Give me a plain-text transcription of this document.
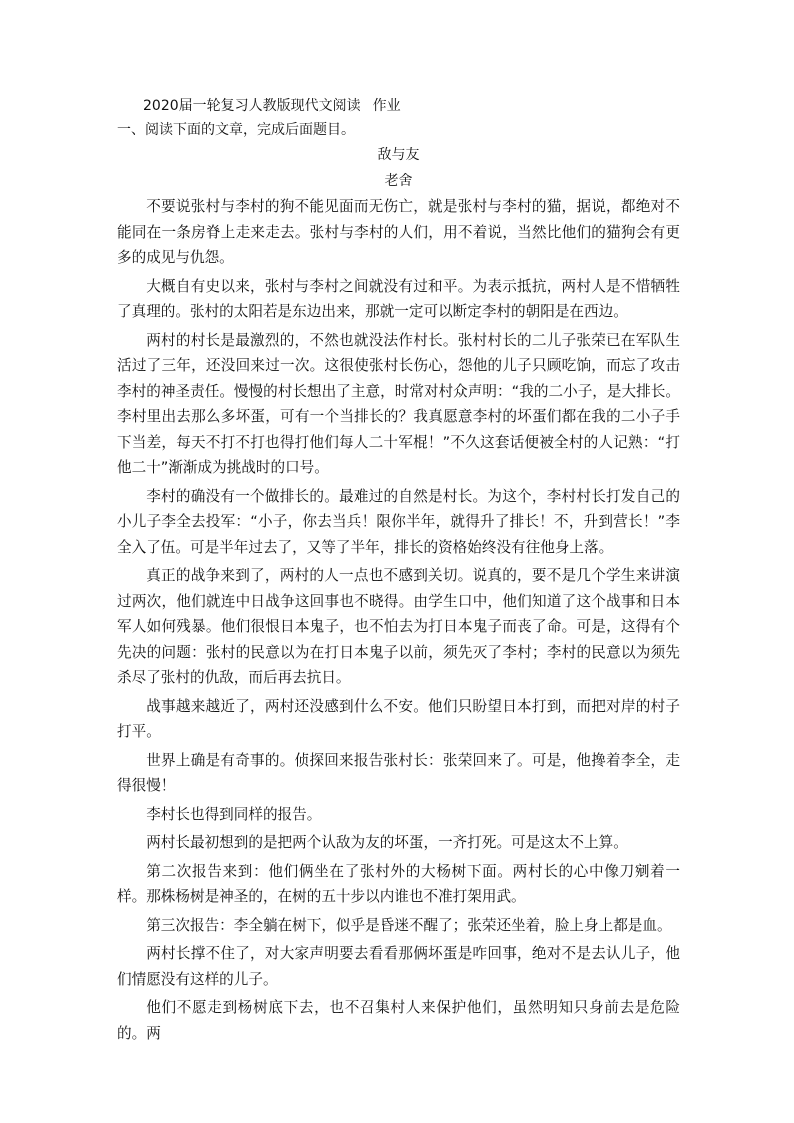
2020届一轮复习人教版现代文阅读 作业
一、阅读下面的文章，完成后面题目。
敌与友
老舍

不要说张村与李村的狗不能见面而无伤亡，就是张村与李村的猫，据说，都绝对不能同在一条房脊上走来走去。张村与李村的人们，用不着说，当然比他们的猫狗会有更多的成见与仇怨。

大概自有史以来，张村与李村之间就没有过和平。为表示抵抗，两村人是不惜牺牲了真理的。张村的太阳若是东边出来，那就一定可以断定李村的朝阳是在西边。

两村的村长是最激烈的，不然也就没法作村长。张村村长的二儿子张荣已在军队生活过了三年，还没回来过一次。这很使张村长伤心，怨他的儿子只顾吃饷，而忘了攻击李村的神圣责任。慢慢的村长想出了主意，时常对村众声明：“我的二小子，是大排长。李村里出去那么多坏蛋，可有一个当排长的？我真愿意李村的坏蛋们都在我的二小子手下当差，每天不打不打也得打他们每人二十军棍！”不久这套话便被全村的人记熟：“打他二十”渐渐成为挑战时的口号。

李村的确没有一个做排长的。最难过的自然是村长。为这个，李村村长打发自己的小儿子李全去投军：“小子，你去当兵！限你半年，就得升了排长！不，升到营长！”李全入了伍。可是半年过去了，又等了半年，排长的资格始终没有往他身上落。

真正的战争来到了，两村的人一点也不感到关切。说真的，要不是几个学生来讲演过两次，他们就连中日战争这回事也不晓得。由学生口中，他们知道了这个战事和日本军人如何残暴。他们很恨日本鬼子，也不怕去为打日本鬼子而丧了命。可是，这得有个先决的问题：张村的民意以为在打日本鬼子以前，须先灭了李村；李村的民意以为须先杀尽了张村的仇敌，而后再去抗日。

战事越来越近了，两村还没感到什么不安。他们只盼望日本打到，而把对岸的村子打平。

世界上确是有奇事的。侦探回来报告张村长：张荣回来了。可是，他搀着李全，走得很慢！

李村长也得到同样的报告。

两村长最初想到的是把两个认敌为友的坏蛋，一齐打死。可是这太不上算。

第二次报告来到：他们俩坐在了张村外的大杨树下面。两村长的心中像刀剜着一样。那株杨树是神圣的，在树的五十步以内谁也不准打架用武。

第三次报告：李全躺在树下，似乎是昏迷不醒了；张荣还坐着，脸上身上都是血。

两村长撑不住了，对大家声明要去看看那俩坏蛋是咋回事，绝对不是去认儿子，他们情愿没有这样的儿子。

他们不愿走到杨树底下去，也不召集村人来保护他们，虽然明知只身前去是危险的。两
